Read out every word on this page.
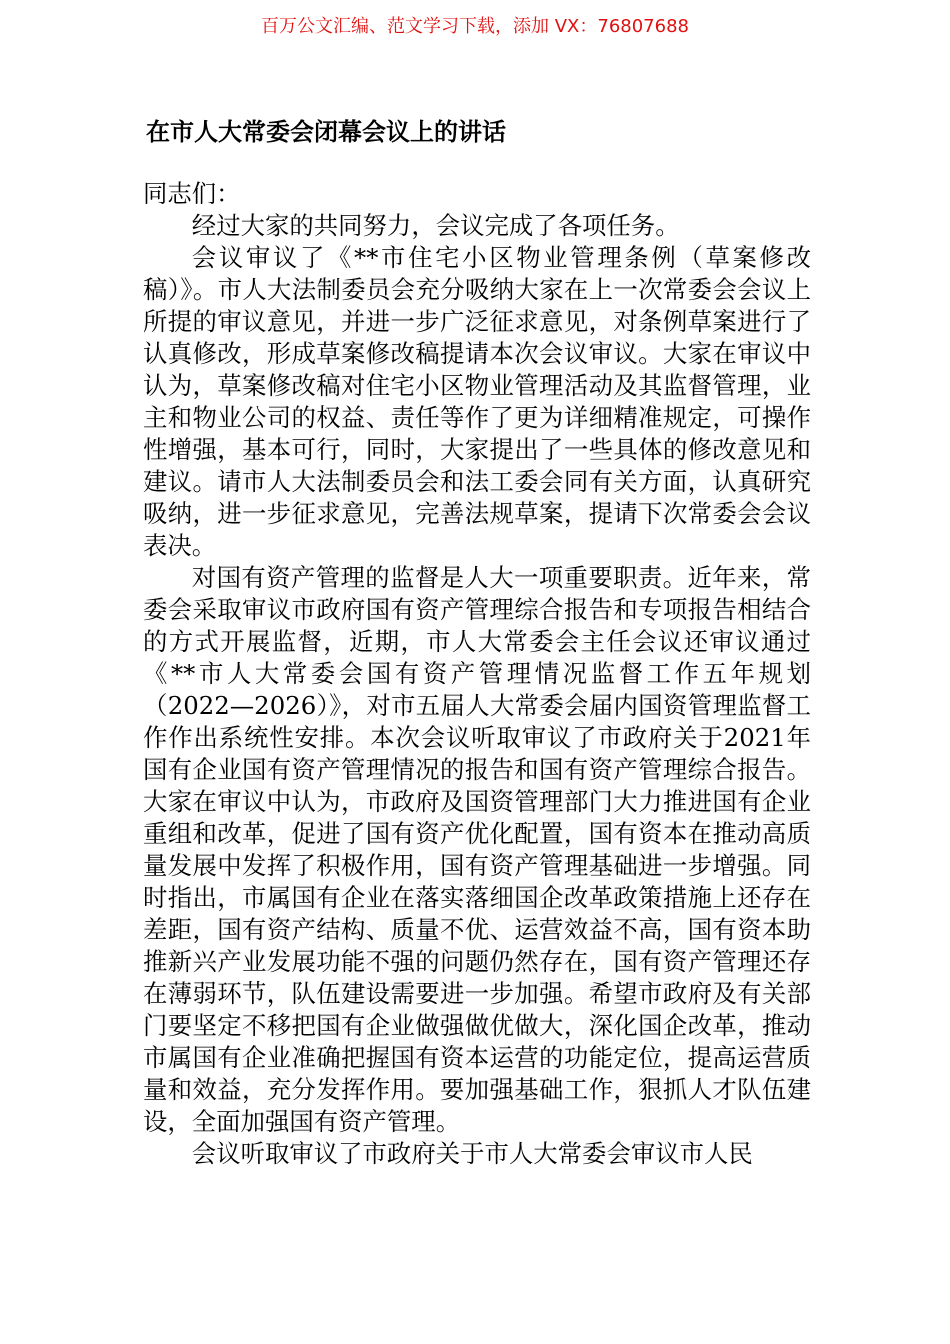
百万公文汇编、范文学习下载，添加 VX：76807688
在市人大常委会闭幕会议上的讲话

同志们：

经过大家的共同努力，会议完成了各项任务。

会议审议了《**市住宅小区物业管理条例（草案修改稿）》。市人大法制委员会充分吸纳大家在上一次常委会会议上所提的审议意见，并进一步广泛征求意见，对条例草案进行了认真修改，形成草案修改稿提请本次会议审议。大家在审议中认为，草案修改稿对住宅小区物业管理活动及其监督管理，业主和物业公司的权益、责任等作了更为详细精准规定，可操作性增强，基本可行，同时，大家提出了一些具体的修改意见和建议。请市人大法制委员会和法工委会同有关方面，认真研究吸纳，进一步征求意见，完善法规草案，提请下次常委会会议表决。

对国有资产管理的监督是人大一项重要职责。近年来，常委会采取审议市政府国有资产管理综合报告和专项报告相结合的方式开展监督，近期，市人大常委会主任会议还审议通过《**市人大常委会国有资产管理情况监督工作五年规划（2022—2026）》，对市五届人大常委会届内国资管理监督工作作出系统性安排。本次会议听取审议了市政府关于2021年国有企业国有资产管理情况的报告和国有资产管理综合报告。大家在审议中认为，市政府及国资管理部门大力推进国有企业重组和改革，促进了国有资产优化配置，国有资本在推动高质量发展中发挥了积极作用，国有资产管理基础进一步增强。同时指出，市属国有企业在落实落细国企改革政策措施上还存在差距，国有资产结构、质量不优、运营效益不高，国有资本助推新兴产业发展功能不强的问题仍然存在，国有资产管理还存在薄弱环节，队伍建设需要进一步加强。希望市政府及有关部门要坚定不移把国有企业做强做优做大，深化国企改革，推动市属国有企业准确把握国有资本运营的功能定位，提高运营质量和效益，充分发挥作用。要加强基础工作，狠抓人才队伍建设，全面加强国有资产管理。

会议听取审议了市政府关于市人大常委会审议市人民
